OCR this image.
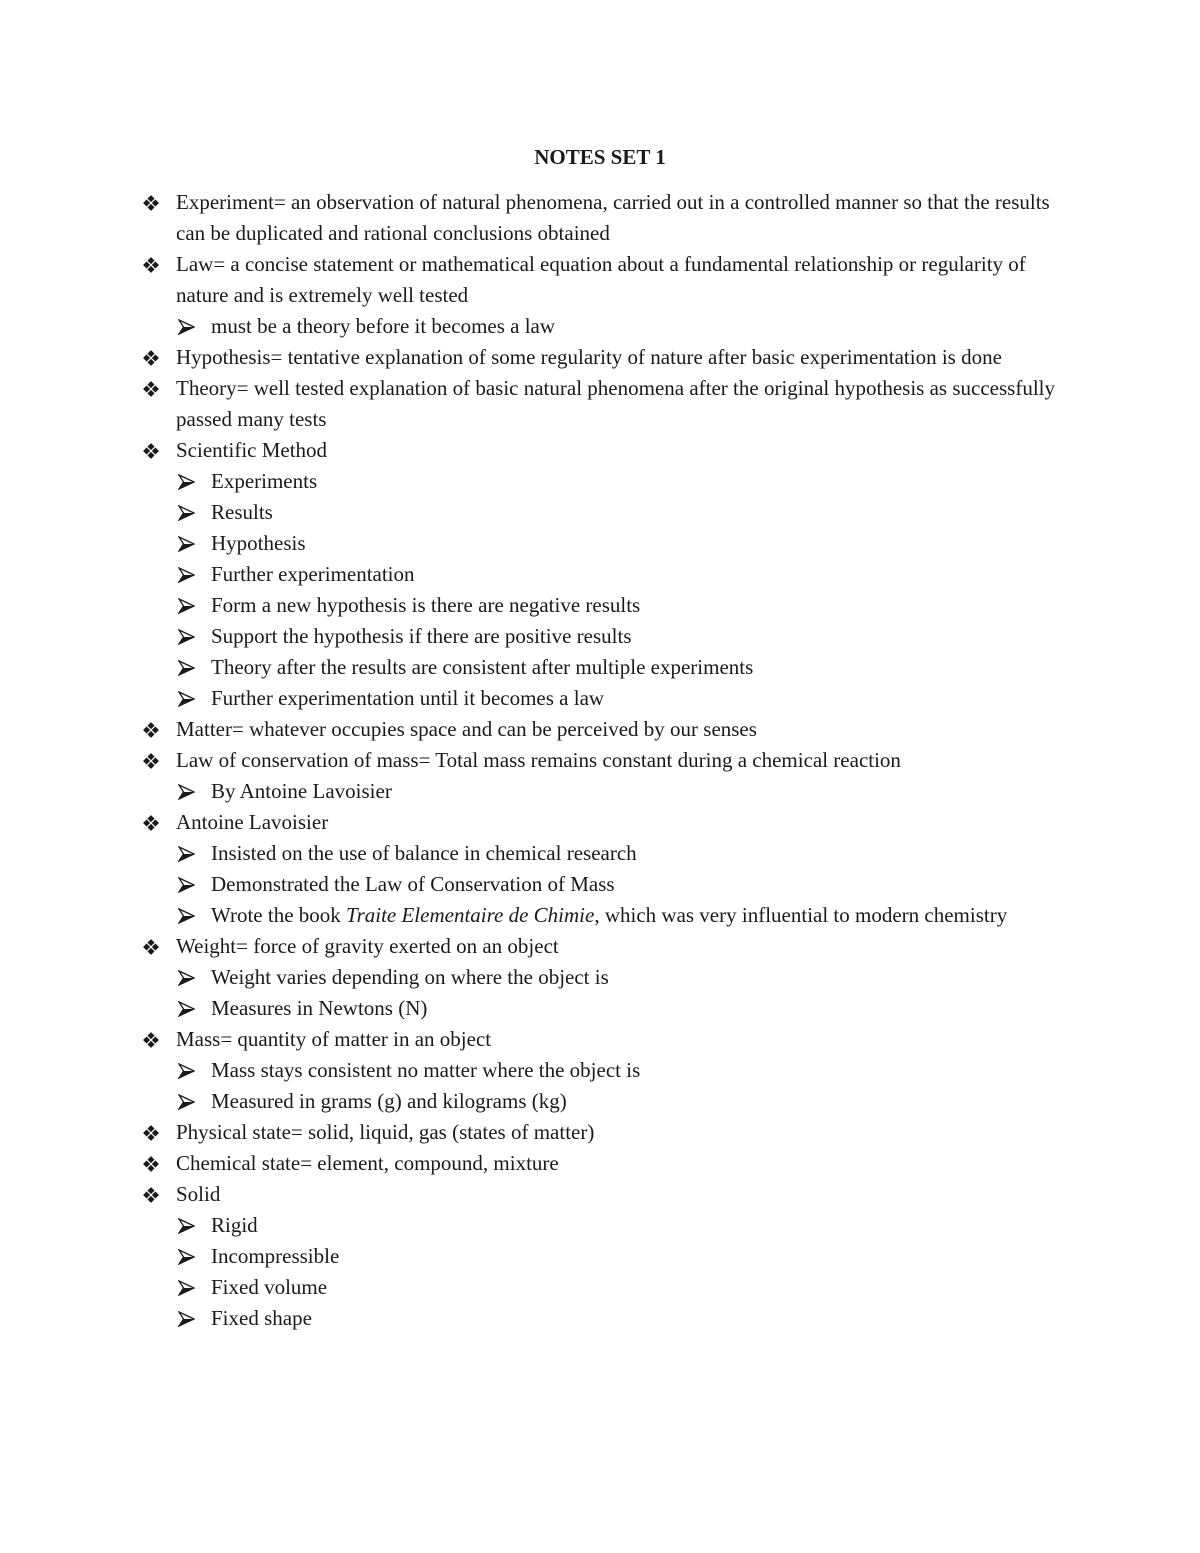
NOTES SET 1
Experiment= an observation of natural phenomena, carried out in a controlled manner so that the results can be duplicated and rational conclusions obtained
Law= a concise statement or mathematical equation about a fundamental relationship or regularity of nature and is extremely well tested
must be a theory before it becomes a law
Hypothesis= tentative explanation of some regularity of nature after basic experimentation is done
Theory= well tested explanation of basic natural phenomena after the original hypothesis as successfully passed many tests
Scientific Method
Experiments
Results
Hypothesis
Further experimentation
Form a new hypothesis is there are negative results
Support the hypothesis if there are positive results
Theory after the results are consistent after multiple experiments
Further experimentation until it becomes a law
Matter= whatever occupies space and can be perceived by our senses
Law of conservation of mass= Total mass remains constant during a chemical reaction
By Antoine Lavoisier
Antoine Lavoisier
Insisted on the use of balance in chemical research
Demonstrated the Law of Conservation of Mass
Wrote the book Traite Elementaire de Chimie, which was very influential to modern chemistry
Weight= force of gravity exerted on an object
Weight varies depending on where the object is
Measures in Newtons (N)
Mass= quantity of matter in an object
Mass stays consistent no matter where the object is
Measured in grams (g) and kilograms (kg)
Physical state= solid, liquid, gas (states of matter)
Chemical state= element, compound, mixture
Solid
Rigid
Incompressible
Fixed volume
Fixed shape
